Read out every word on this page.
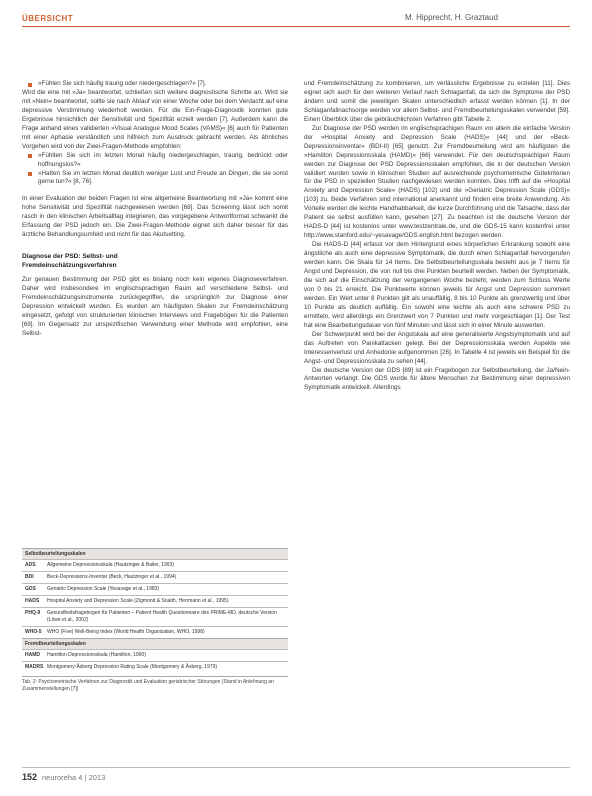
ÜBERSICHT	M. Hipprecht, H. Graztaud

»Fühlen Sie sich häufig traurig oder niedergeschlagen?« [7].

Wird die eine mit »Ja« beantwortet, schließen sich weitere diagnostische Schritte an. Wird sie mit »Nein« beantwortet, sollte sie nach Ablauf von einer Woche oder bei dem Verdacht auf eine depressive Verstimmung wiederholt werden. Für die Ein-Frage-Diagnostik konnten gute Ergebnisse hinsichtlich der Sensitivität und Spezifität erzielt werden [7]. Außerdem kann die Frage anhand eines validierten »Visual Analogue Mood Scales (VAMS)« [6] auch für Patienten mit einer Aphasie verständlich und hilfreich zum Ausdruck gebracht werden. Als ähnliches Vorgehen wird von der Zwei-Fragen-Methode empfohlen:

»Fühlten Sie sich im letzten Monat häufig niedergeschlagen, traurig, bedrückt oder hoffnungslos?«

»Hatten Sie im letzten Monat deutlich weniger Lust und Freude an Dingen, die sie sonst gerne tun?« [8, 76].

In einer Evaluation der beiden Fragen ist eine allgemeine Beantwortung mit »Ja« kommt eine hohe Sensitivität und Spezifität nachgewiesen werden [68]. Das Screening lässt sich somit rasch in den klinischen Arbeitsalltag integrieren, das vorgegebene Antwortformat schwankt die Erfassung der PSD jedoch ein. Die Zwei-Fragen-Methode eignet sich daher besser für das ärztliche Behandlungsumfeld und nicht für das Akutsetting.

Diagnose der PSD: Selbst- und
Fremdeinschätzungsverfahren

Zur genauen Bestimmung der PSD gibt es bislang noch kein eigenes Diagnoseverfahren. Daher wird insbesondere im englischsprachigen Raum auf verschiedene Selbst- und Fremdeinschätzungsinstrumente zurückgegriffen, die ursprünglich zur Diagnose einer Depression entwickelt wurden. Es wurden am häufigsten Skalen zur Fremdeinschätzung eingesetzt, gefolgt von strukturierten klinischen Interviews und Fragebögen für die Patienten [69]. Im Gegensatz zur unspezifischen Verwendung einer Methode wird empfohlen, eine Selbst-

Selbstbeurteilungsskalen
ADS	Allgemeine Depressionsskala (Hautzinger & Bailer, 1993)
BDI	Beck-Depressions-Inventar (Beck, Hautzinger et al., 1994)
GDS	Geriatric Depression Scale (Yesavage et al., 1983)
HADS	Hospital Anxiety and Depression Scale (Zigmond & Snaith, Herrmann et al., 1995)
PHQ-9	Gesundheitsfragebogen für Patienten – Patient Health Questionnaire des PRIME-MD, deutsche Version (Löwe et al., 2002)
WHO-5	WHO (Five) Well-Being Index (World Health Organization, WHO, 1998)
Fremdbeurteilungsskalen
HAMD	Hamilton Depressionsskala (Hamilton, 1960)
MADRS Montgomery-Åsberg Depression Rating Scale (Montgomery & Åsberg, 1979)
Tab. 2: Psychometrische Verfahren zur Diagnostik und Evaluation geriatrischer Störungen (Stand in Anlehnung an Zusammenstellungen [7])

und Fremdeinschätzung zu kombinieren, um verlässliche Ergebnisse zu erzielen [11]. Dies eignet sich auch für den weiteren Verlauf nach Schlaganfall, da sich die Symptome der PSD ändern und somit die jeweiligen Skalen unterschiedlich erfasst werden können [1]. In der Schlaganfallnachsorge werden vor allem Selbst- und Fremdbeurteilungsskalen verwendet [59]. Einen Überblick über die gebräuchlichsten Verfahren gibt Tabelle 2.

Zur Diagnose der PSD werden im englischsprachigen Raum vor allem die einfache Version der »Hospital Anxiety and Depression Scale (HADS)« [44] und der »Beck-Depressionsinventar« (BDI-II) [65] genutzt. Zur Fremdbeurteilung wird am häufigsten die »Hamilton Depressionsskala (HAMD)« [66] verwendet. Für den deutschsprachigen Raum werden zur Diagnose der PSD Depressionsskalen empfohlen, die in der deutschen Version validiert wurden sowie in klinischen Studien auf ausreichende psychometrische Gütekriterien für die PSD in speziellen Studien nachgewiesen werden konnten. Dies trifft auf die »Hospital Anxiety and Depression Scale« (HADS) [102] und die »Geriatric Depression Scale (GDS)« [103] zu. Beide Verfahren sind international anerkannt und finden eine breite Anwendung. Als Vorteile werden die leichte Handhabbarkeit, die kurze Durchführung und die Tatsache, dass der Patient sie selbst ausfüllen kann, gesehen [27]. Zu beachten ist die deutsche Version der HADS-D [44] ist kostenlos unter www.testzentrale.de, und die GDS-15 kann kostenfrei unter http://www.stanford.edu/~yesavage/GDS.english.html bezogen werden.

Die HADS-D [44] erfasst vor dem Hintergrund eines körperlichen Erkrankung sowohl eine ängstliche als auch eine depressive Symptomatik, die durch einen Schlaganfall hervorgerufen werden kann. Die Skala für 14 Items. Die Selbstbeurteilungsskala besteht aus je 7 Items für Angst und Depression, die von null bis drei Punkten beurteilt werden. Neben der Symptomatik, die sich auf die Einschätzung der vergangenen Woche bezieht, werden zum Schluss Werte von 0 bis 21 erreicht. Die Punktwerte können jeweils für Angst und Depression summiert werden. Ein Wert unter 8 Punkten gilt als unauffällig, 8 bis 10 Punkte als grenzwertig und über 10 Punkte als deutlich auffällig. Ein sowohl eine leichte als auch eine schwere PSD zu ermitteln, wird allerdings ein Grenzwert von 7 Punkten und mehr vorgeschlagen [1]. Der Test hat eine Bearbeitungsdauer von fünf Minuten und lässt sich in einer Minute auswerten.

Der Schwerpunkt wird bei der Angstskala auf eine generalisierte Angstsymptomatik und auf das Auftreten von Panikattacken gelegt. Bei der Depressionsskala werden Aspekte wie Interessenverlust und Anhedonie aufgenommen [26]. In Tabelle 4 ist jeweils ein Beispiel für die Angst- und Depressionsskala zu sehen [44].

Die deutsche Version der GDS [89] ist ein Fragebogen zur Selbstbeurteilung, der Ja/Nein-Antworten verlangt. Die GDS wurde für ältere Menschen zur Bestimmung einer depressiven Symptomatik entwickelt. Allerdings

152 neuroreha 4 | 2013
